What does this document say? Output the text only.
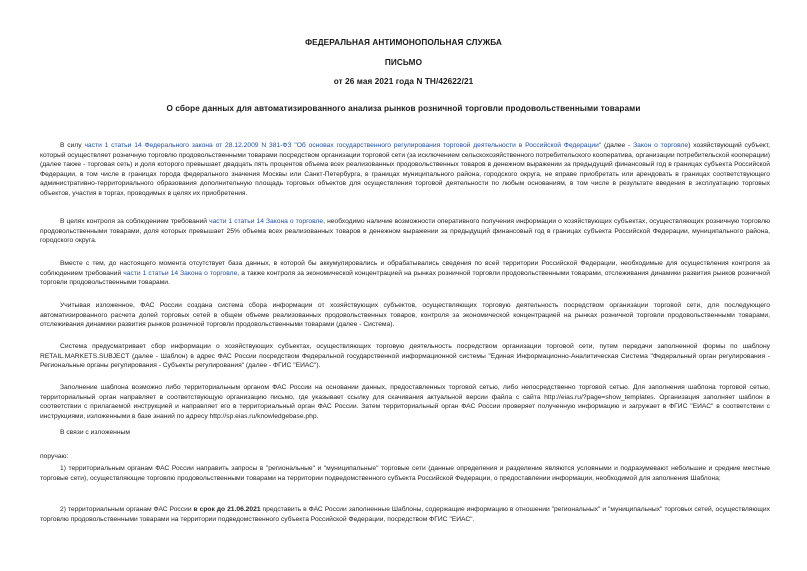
ФЕДЕРАЛЬНАЯ АНТИМОНОПОЛЬНАЯ СЛУЖБА
ПИСЬМО
от 26 мая 2021 года N ТН/42622/21
О сборе данных для автоматизированного анализа рынков розничной торговли продовольственными товарами
В силу части 1 статьи 14 Федерального закона от 28.12.2009 N 381-ФЗ "Об основах государственного регулирования торговой деятельности в Российской Федерации" (далее - Закон о торговле) хозяйствующий субъект, который осуществляет розничную торговлю продовольственными товарами посредством организации торговой сети (за исключением сельскохозяйственного потребительского кооператива, организации потребительской кооперации) (далее также - торговая сеть) и доля которого превышает двадцать пять процентов объема всех реализованных продовольственных товаров в денежном выражении за предыдущий финансовый год в границах субъекта Российской Федерации, в том числе в границах города федерального значения Москвы или Санкт-Петербурга, в границах муниципального района, городского округа, не вправе приобретать или арендовать в границах соответствующего административно-территориального образования дополнительную площадь торговых объектов для осуществления торговой деятельности по любым основаниям, в том числе в результате введения в эксплуатацию торговых объектов, участия в торгах, проводимых в целях их приобретения.
В целях контроля за соблюдением требований части 1 статьи 14 Закона о торговле, необходимо наличие возможности оперативного получения информации о хозяйствующих субъектах, осуществляющих розничную торговлю продовольственными товарами, доля которых превышает 25% объема всех реализованных товаров в денежном выражении за предыдущий финансовый год в границах субъекта Российской Федерации, муниципального района, городского округа.
Вместе с тем, до настоящего момента отсутствует база данных, в которой бы аккумулировались и обрабатывались сведения по всей территории Российской Федерации, необходимые для осуществления контроля за соблюдением требований части 1 статьи 14 Закона о торговле, а также контроля за экономической концентрацией на рынках розничной торговли продовольственными товарами, отслеживания динамики развития рынков розничной торговли продовольственными товарами.
Учитывая изложенное, ФАС России создана система сбора информации от хозяйствующих субъектов, осуществляющих торговую деятельность посредством организации торговой сети, для последующего автоматизированного расчета долей торговых сетей в общем объеме реализованных продовольственных товаров, контроля за экономической концентрацией на рынках розничной торговли продовольственными товарами, отслеживания динамики развития рынков розничной торговли продовольственными товарами (далее - Система).
Система предусматривает сбор информации о хозяйствующих субъектах, осуществляющих торговую деятельность посредством организации торговой сети, путем передачи заполненной формы по шаблону RETAIL.MARKETS.SUBJECT (далее - Шаблон) в адрес ФАС России посредством Федеральной государственной информационной системы "Единая Информационно-Аналитическая Система "Федеральный орган регулирования - Региональные органы регулирования - Субъекты регулирования" (далее - ФГИС "ЕИАС").
Заполнение шаблона возможно либо территориальным органом ФАС России на основании данных, предоставленных торговой сетью, либо непосредственно торговой сетью. Для заполнения шаблона торговой сетью, территориальный орган направляет в соответствующую организацию письмо, где указывает ссылку для скачивания актуальной версии файла с сайта http://eias.ru/?page=show_templates. Организация заполняет шаблон в соответствии с прилагаемой инструкцией и направляет его в территориальный орган ФАС России. Затем территориальный орган ФАС России проверяет полученную информацию и загружает в ФГИС "ЕИАС" в соответствии с инструкциями, изложенными в базе знаний по адресу http://sp.eias.ru/knowledgebase.php.
В связи с изложенным
поручаю:
1) территориальным органам ФАС России направить запросы в "региональные" и "муниципальные" торговые сети (данные определения и разделение являются условными и подразумевают небольшие и средние местные торговые сети), осуществляющие торговлю продовольственными товарами на территории подведомственного субъекта Российской Федерации, о предоставлении информации, необходимой для заполнения Шаблона;
2) территориальным органам ФАС России в срок до 21.06.2021 представить в ФАС России заполненные Шаблоны, содержащие информацию в отношении "региональных" и "муниципальных" торговых сетей, осуществляющих торговлю продовольственными товарами на территории подведомственного субъекта Российской Федерации, посредством ФГИС "ЕИАС".
